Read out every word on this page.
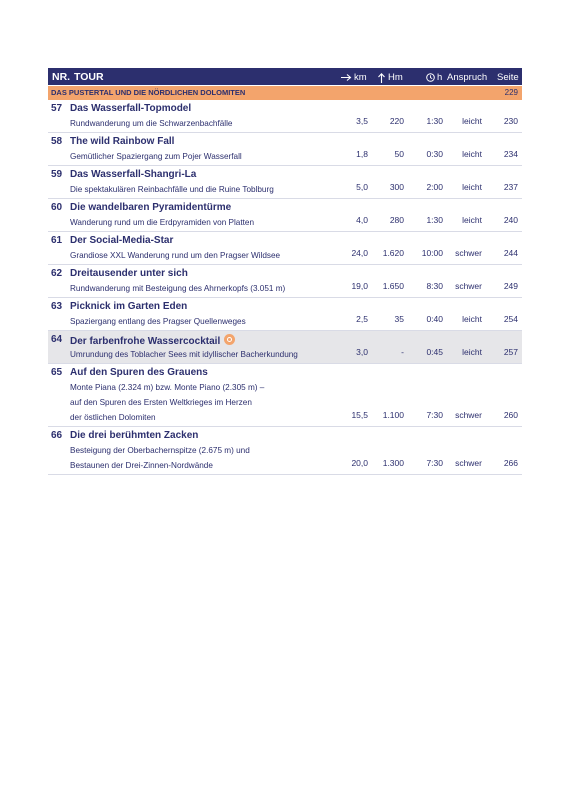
NR. TOUR	km Hm	h Anspruch Seite
DAS PUSTERTAL UND DIE NÖRDLICHEN DOLOMITEN	229
57 Das Wasserfall-Topmodel
Rundwanderung um die Schwarzenbachfälle	3,5	220	1:30 leicht	230
58 The wild Rainbow Fall
Gemütlicher Spaziergang zum Pojer Wasserfall	1,8	50	0:30 leicht	234
59 Das Wasserfall-Shangri-La
Die spektakulären Reinbachfälle und die Ruine Toblburg	5,0	300	2:00 leicht	237
60 Die wandelbaren Pyramidentürme
Wanderung rund um die Erdpyramiden von Platten	4,0	280	1:30 leicht	240
61 Der Social-Media-Star
Grandiose XXL Wanderung rund um den Pragser Wildsee	24,0 1.620 10:00 schwer	244
62 Dreitausender unter sich
Rundwanderung mit Besteigung des Ahrnerkopfs (3.051 m)	19,0 1.650	8:30 schwer	249
63 Picknick im Garten Eden
Spaziergang entlang des Pragser Quellenweges	2,5	35	0:40 leicht	254
64 Der farbenfrohe Wassercocktail
Umrundung des Toblacher Sees mit idyllischer Bacherkundung	3,0	-	0:45 leicht	257
65 Auf den Spuren des Grauens
Monte Piana (2.324 m) bzw. Monte Piano (2.305 m) –
auf den Spuren des Ersten Weltkrieges im Herzen
der östlichen Dolomiten	15,5 1.100	7:30 schwer	260
66 Die drei berühmten Zacken
Besteigung der Oberbachernspitze (2.675 m) und
Bestaunen der Drei-Zinnen-Nordwände	20,0 1.300	7:30 schwer	266
